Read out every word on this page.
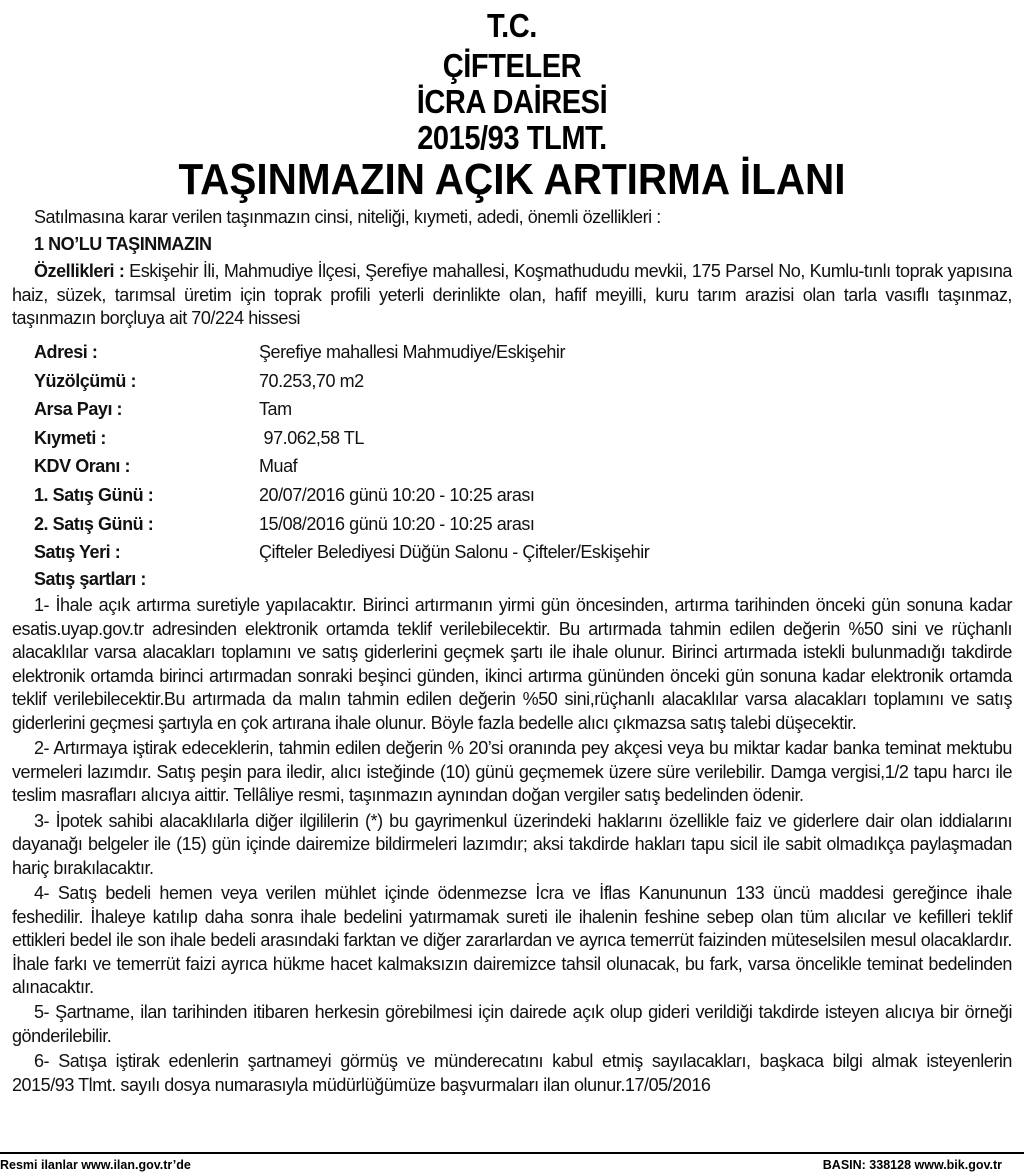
T.C.
ÇİFTELER
İCRA DAİRESİ
2015/93 TLMT.
TAŞINMAZIN AÇIK ARTIRMA İLANI
Satılmasına karar verilen taşınmazın cinsi, niteliği, kıymeti, adedi, önemli özellikleri :
1 NO’LU TAŞINMAZIN
Özellikleri : Eskişehir İli, Mahmudiye İlçesi, Şerefiye mahallesi, Koşmathududu mevkii, 175 Parsel No, Kumlu-tınlı toprak yapısına haiz, süzek, tarımsal üretim için toprak profili yeterli derinlikte olan, hafif meyilli, kuru tarım arazisi olan tarla vasıflı taşınmaz, taşınmazın borçluya ait 70/224 hissesi
Adresi :	Şerefiye mahallesi Mahmudiye/Eskişehir
Yüzölçümü :	70.253,70 m2
Arsa Payı :	Tam
Kıymeti :	97.062,58 TL
KDV Oranı :	Muaf
1. Satış Günü :	20/07/2016 günü 10:20 - 10:25 arası
2. Satış Günü :	15/08/2016 günü 10:20 - 10:25 arası
Satış Yeri :	Çifteler Belediyesi Düğün Salonu - Çifteler/Eskişehir
Satış şartları :

1- İhale açık artırma suretiyle yapılacaktır. Birinci artırmanın yirmi gün öncesinden, artırma tarihinden önceki gün sonuna kadar esatis.uyap.gov.tr adresinden elektronik ortamda teklif verilebilecektir. Bu artırmada tahmin edilen değerin %50 sini ve rüçhanlı alacaklılar varsa alacakları toplamını ve satış giderlerini geçmek şartı ile ihale olunur. Birinci artırmada istekli bulunmadığı takdirde elektronik ortamda birinci artırmadan sonraki beşinci günden, ikinci artırma gününden önceki gün sonuna kadar elektronik ortamda teklif verilebilecektir.Bu artırmada da malın tahmin edilen değerin %50 sini,rüçhanlı alacaklılar varsa alacakları toplamını ve satış giderlerini geçmesi şartıyla en çok artırana ihale olunur. Böyle fazla bedelle alıcı çıkmazsa satış talebi düşecektir.

2- Artırmaya iştirak edeceklerin, tahmin edilen değerin % 20’si oranında pey akçesi veya bu miktar kadar banka teminat mektubu vermeleri lazımdır. Satış peşin para iledir, alıcı isteğinde (10) günü geçmemek üzere süre verilebilir. Damga vergisi,1/2 tapu harcı ile teslim masrafları alıcıya aittir. Tellâliye resmi, taşınmazın aynından doğan vergiler satış bedelinden ödenir.

3- İpotek sahibi alacaklılarla diğer ilgililerin (*) bu gayrimenkul üzerindeki haklarını özellikle faiz ve giderlere dair olan iddialarını dayanağı belgeler ile (15) gün içinde dairemize bildirmeleri lazımdır; aksi takdirde hakları tapu sicil ile sabit olmadıkça paylaşmadan hariç bırakılacaktır.

4- Satış bedeli hemen veya verilen mühlet içinde ödenmezse İcra ve İflas Kanununun 133 üncü maddesi gereğince ihale feshedilir. İhaleye katılıp daha sonra ihale bedelini yatırmamak sureti ile ihalenin feshine sebep olan tüm alıcılar ve kefilleri teklif ettikleri bedel ile son ihale bedeli arasındaki farktan ve diğer zararlardan ve ayrıca temerrüt faizinden müteselsilen mesul olacaklardır. İhale farkı ve temerrüt faizi ayrıca hükme hacet kalmaksızın dairemizce tahsil olunacak, bu fark, varsa öncelikle teminat bedelinden alınacaktır.

5- Şartname, ilan tarihinden itibaren herkesin görebilmesi için dairede açık olup gideri verildiği takdirde isteyen alıcıya bir örneği gönderilebilir.

6- Satışa iştirak edenlerin şartnameyi görmüş ve münderecatını kabul etmiş sayılacakları, başkaca bilgi almak isteyenlerin 2015/93 Tlmt. sayılı dosya numarasıyla müdürlüğümüze başvurmaları ilan olunur.17/05/2016

Resmi ilanlar www.ilan.gov.tr’de	BASIN: 338128 www.bik.gov.tr
